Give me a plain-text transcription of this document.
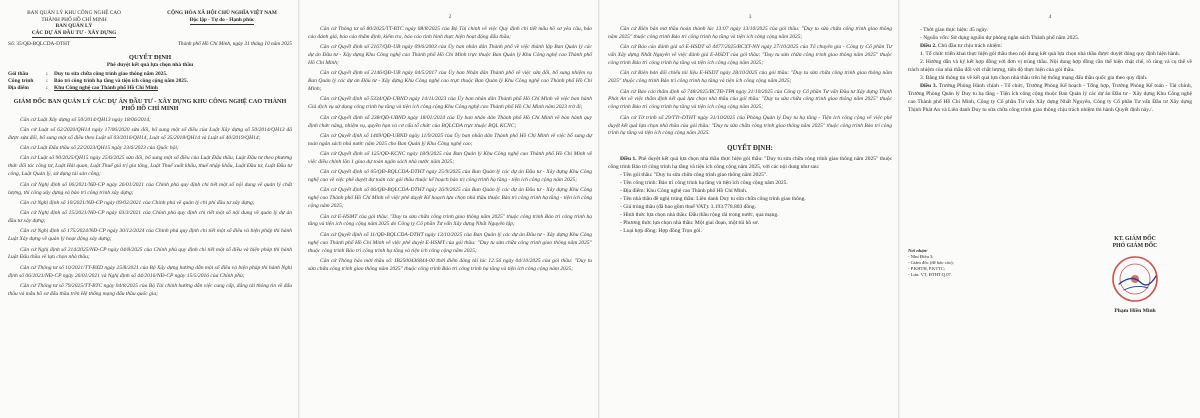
BAN QUẢN LÝ KHU CÔNG NGHỆ CAO
THÀNH PHỐ HỒ CHÍ MINH
BAN QUẢN LÝ
CÁC DỰ ÁN ĐẦU TƯ - XÂY DỰNG
CỘNG HÒA XÃ HỘI CHỦ NGHĨA VIỆT NAM
Độc lập - Tự do - Hạnh phúc
Số: 35/QĐ-BQLCDA-DTHT	Thành phố Hồ Chí Minh, ngày 31 tháng 10 năm 2025
QUYẾT ĐỊNH
Phê duyệt kết quả lựa chọn nhà thầu
Gói thầu	:	Duy tu sửa chữa công trình giao thông năm 2025.
Công trình	:	Bảo trì công trình hạ tầng và tiện ích công cộng năm 2025.
Địa điểm	:	Khu Công nghệ cao Thành phố Hồ Chí Minh
GIÁM ĐỐC BAN QUẢN LÝ CÁC DỰ ÁN ĐẦU TƯ - XÂY DỰNG KHU CÔNG NGHỆ CAO THÀNH PHỐ HỒ CHÍ MINH
Căn cứ Luật Xây dựng số 50/2014/QH13 ngày 18/06/2014;
Căn cứ Luật số 62/2020/QH14 ngày 17/06/2020 sửa đổi, bổ sung một số điều của Luật Xây dựng số 50/2014/QH13 đã được sửa đổi, bổ sung một số điều theo Luật số 03/2016/QH14, Luật số 35/2018/QH14 và Luật số 40/2019/QH14;
Căn cứ Luật Đấu thầu số 22/2023/QH15 ngày 23/6/2023 của Quốc hội;
Căn cứ Luật số 90/2025/QH15 ngày 25/6/2025 sửa đổi, bổ sung một số điều của Luật Đấu thầu, Luật Đầu tư theo phương thức đối tác công tư, Luật Hải quan, Luật Thuế giá trị gia tăng, Luật Thuế xuất khẩu, thuế nhập khẩu, Luật Đầu tư, Luật Đầu tư công, Luật Quản lý, sử dụng tài sản công;
Căn cứ Nghị định số 06/2021/NĐ-CP ngày 26/01/2021 của Chính phủ quy định chi tiết một số nội dung về quản lý chất lượng, thi công xây dựng và bảo trì công trình xây dựng;
Căn cứ Nghị định số 10/2021/NĐ-CP ngày 09/02/2021 của Chính phủ về quản lý chi phí đầu tư xây dựng;
Căn cứ Nghị định số 15/2021/NĐ-CP ngày 03/3/2021 của Chính phủ quy định chi tiết một số nội dung về quản lý dự án đầu tư xây dựng;
Căn cứ Nghị định số 175/2024/NĐ-CP ngày 30/12/2024 của Chính phủ quy định chi tiết một số điều và biện pháp thi hành Luật Xây dựng về quản lý hoạt động xây dựng;
Căn cứ Nghị định số 214/2025/NĐ-CP ngày 04/8/2025 của Chính phủ quy định chi tiết một số điều và biện pháp thi hành Luật Đấu thầu về lựa chọn nhà thầu;
Căn cứ Thông tư số 10/2021/TT-BXD ngày 25/8/2021 của Bộ Xây dựng hướng dẫn một số điều và biện pháp thi hành Nghị định số 06/2021/NĐ-CP ngày 26/01/2021 và Nghị định số 44/2016/NĐ-CP ngày 15/5/2016 của Chính phủ;
Căn cứ Thông tư số 79/2025/TT-BTC ngày 04/8/2025 của Bộ Tài chính hướng dẫn việc cung cấp, đăng tải thông tin về đấu thầu và mẫu hồ sơ đấu thầu trên Hệ thống mạng đấu thầu quốc gia;
2
Căn cứ Thông tư số 80/2025/TT-BTC ngày 08/8/2025 của Bộ Tài chính về việc Quy định chi tiết mẫu hồ sơ yêu cầu, báo cáo đánh giá, báo cáo thẩm định, kiểm tra, báo cáo tình hình thực hiện hoạt động đấu thầu;
Căn cứ Quyết định số 2167/QĐ-UB ngày 09/6/2003 của Ủy ban nhân dân Thành phố về việc thành lập Ban Quản lý các dự án Đầu tư - Xây dựng Khu Công nghệ cao Thành phố Hồ Chí Minh trực thuộc Ban Quản lý Khu Công nghệ cao Thành phố Hồ Chí Minh;
Căn cứ Quyết định số 2146/QĐ-UB ngày 04/5/2017 của Ủy ban Nhân dân Thành phố về việc sửa đổi, bổ sung nhiệm vụ Ban Quản lý các dự án Đầu tư - Xây dựng Khu Công nghệ cao trực thuộc Ban Quản lý Khu Công nghệ cao Thành phố Hồ Chí Minh;
Căn cứ Quyết định số 5334/QĐ-UBND ngày 14/11/2023 của Ủy ban nhân dân Thành phố Hồ Chí Minh về việc ban hành Giá dịch vụ sử dụng công trình hạ tầng và tiện ích công cộng Khu Công nghệ cao Thành phố Hồ Chí Minh năm 2023 trở đi;
Căn cứ Quyết định số 238/QĐ-UBND ngày 18/01/2024 của Ủy ban nhân dân Thành phố Hồ Chí Minh về ban hành quy định chức năng, nhiệm vụ, quyền hạn và cơ cấu tổ chức của BQLCDA trực thuộc BQL KCNC;
Căn cứ Quyết định số 1469/QĐ-UBND ngày 11/9/2025 của Ủy ban nhân dân Thành phố Hồ Chí Minh về việc bố sung dự toán ngân sách nhà nước năm 2025 cho Ban Quản lý Khu Công nghệ cao;
Căn cứ Quyết định số 125/QĐ-KCNC ngày 18/9/2025 của Ban Quản lý Khu Công nghệ cao Thành phố Hồ Chí Minh về việc điều chỉnh lần 1 giao dự toán ngân sách nhà nước năm 2025;
Căn cứ Quyết định số 05/QĐ-BQLCDA-DTHT ngày 25/9/2025 của Ban Quản lý các dự án Đầu tư - Xây dựng Khu Công nghệ cao về việc phê duyệt dự toán các gói thầu thuộc kế hoạch bảo trì công trình hạ tầng - tiện ích công cộng năm 2025;
Căn cứ Quyết định số 06/QĐ-BQLCDA-DTHT ngày 26/9/2025 của Ban Quản lý các dự án Đầu tư - Xây dựng Khu Công nghệ cao Thành phố Hồ Chí Minh về việc phê duyệt Kế hoạch lựa chọn nhà thầu thuộc Bảo trì công trình hạ tầng - tiện ích công cộng năm 2025;
Căn cứ E-HSMT của gói thầu: "Duy tu sửa chữa công trình giao thông năm 2025" thuộc công trình Bảo trì công trình hạ tầng và tiện ích công cộng năm 2025 do Công ty Cổ phần Tư vấn Xây dựng Nhất Nguyên lập;
Căn cứ Quyết định số 11/QĐ-BQLCDA-DTHT ngày 13/10/2025 của Ban Quản lý các dự án Đầu tư - Xây dựng Khu Công nghệ cao Thành phố Hồ Chí Minh về việc phê duyệt E-HSMT của gói thầu: "Duy tu sửa chữa công trình giao thông năm 2025" thuộc công trình Bảo trì công trình hạ tầng và tiện ích công cộng năm 2025;
Căn cứ Thông báo mời thầu số: IB2500436844-00 thời điểm đăng tải lúc 12:56 ngày 04/10/2025 của gói thầu: "Duy tu sửa chữa công trình giao thông năm 2025" thuộc công trình Bảo trì công trình hạ tầng và tiện ích công cộng năm 2025;
3
Căn cứ Biên bản mở thầu hoàn thành lúc 13:07 ngày 13/10/2025 của gói thầu: "Duy tu sửa chữa công trình giao thông năm 2025" thuộc công trình Bảo trì công trình hạ tầng và tiện ích công cộng năm 2025;
Căn cứ Báo cáo đánh giá số E-HSDT số 4477/2025/BCXT-NN ngày 27/10/2025 của Tổ chuyên gia - Công ty Cổ phần Tư vấn Xây dựng Nhất Nguyên về việc đánh giá E-HSDT của gói thầu: "Duy tu sửa chữa công trình giao thông năm 2025" thuộc công trình Bảo trì công trình hạ tầng và tiện ích công cộng năm 2025;
Căn cứ Biên bản đối chiếu tài liệu E-HSDT ngày 28/10/2025 của gói thầu: "Duy tu sửa chữa công trình giao thông năm 2025" thuộc công trình Bảo trì công trình hạ tầng và tiện ích công cộng năm 2025;
Căn cứ Báo cáo thẩm định số 748/2025/BCTĐ-TPA ngày 31/10/2025 của Công ty Cổ phần Tư vấn Đầu tư Xây dựng Thịnh Phát An về việc thẩm định kết quả lựa chọn nhà thầu của gói thầu: "Duy tu sửa chữa công trình giao thông năm 2025" thuộc công trình Bảo trì công trình hạ tầng và tiện ích công cộng năm 2025;
Căn cứ Tờ trình số 29/TTr-DTHT ngày 31/10/2025 của Phòng Quản lý Duy tu hạ tầng - Tiện ích công cộng về việc phê duyệt kết quả lựa chọn nhà thầu của gói thầu: "Duy tu sửa chữa công trình giao thông năm 2025" thuộc công trình Bảo trì công trình hạ tầng và tiện ích công cộng năm 2025.
QUYẾT ĐỊNH:
Điều 1. Phê duyệt kết quả lựa chọn nhà thầu thực hiện gói thầu: "Duy tu sửa chữa công trình giao thông năm 2025" thuộc công trình Bảo trì công trình hạ tầng và tiện ích công cộng năm 2025, với các nội dung như sau:
- Tên gói thầu: "Duy tu sửa chữa công trình giao thông năm 2025".
- Tên công trình: Bảo trì công trình hạ tầng và tiện ích công cộng năm 2025.
- Địa điểm: Khu Công nghệ cao Thành phố Hồ Chí Minh.
- Tên nhà thầu đề nghị trúng thầu: Liên danh Duy tu sửa chữa công trình giao thông.
- Giá trúng thầu (đã bao gồm thuế VAT): 3.193.778.803 đồng.
- Hình thức lựa chọn nhà thầu: Đấu thầu rộng rãi trong nước, qua mạng.
- Phương thức lựa chọn nhà thầu: Một giai đoạn, một túi hồ sơ.
- Loại hợp đồng: Hợp đồng Trọn gói.
4
- Thời gian thực hiện: 45 ngày.
- Nguồn vốn: Sử dụng nguồn dự phòng ngân sách Thành phố năm 2025.
Điều 2. Chủ đầu tư chịu trách nhiệm:
1. Tổ chức triển khai thực hiện gói thầu theo nội dung kết quả lựa chọn nhà thầu được duyệt đúng quy định hiện hành.
2. Hướng dẫn và ký kết hợp đồng với đơn vị trúng thầu. Nội dung hợp đồng cần thể hiện chặt chẽ, rõ ràng và cụ thể về trách nhiệm của nhà thầu đối với chất lượng, tiến độ thực hiện của gói thầu.
3. Đăng tải thông tin về kết quả lựa chọn nhà thầu trên hệ thống mạng đấu thầu quốc gia theo quy định.
Điều 3. Trưởng Phòng Hành chính - Tổ chức, Trưởng Phòng Kế hoạch - Tổng hợp, Trưởng Phòng Kế toán - Tài chính, Trưởng Phòng Quản lý Duy tu hạ tầng - Tiện ích công cộng thuộc Ban Quản lý các dự án Đầu tư - Xây dựng Khu Công nghệ cao Thành phố Hồ Chí Minh, Công ty Cổ phần Tư vấn Xây dựng Nhất Nguyên, Công ty Cổ phần Tư vấn Đầu tư Xây dựng Thịnh Phát An và Liên danh Duy tu sửa chữa công trình giao thông chịu trách nhiệm thi hành Quyết định này./.
Nơi nhận:
- Như Điều 3;
- Giám đốc (để báo cáo);
- P.KHTH, P.KTTC;
- Lưu: VT, ĐTHT.Q.07.
KT. GIÁM ĐỐC
PHÓ GIÁM ĐỐC
Phạm Hiền Minh
